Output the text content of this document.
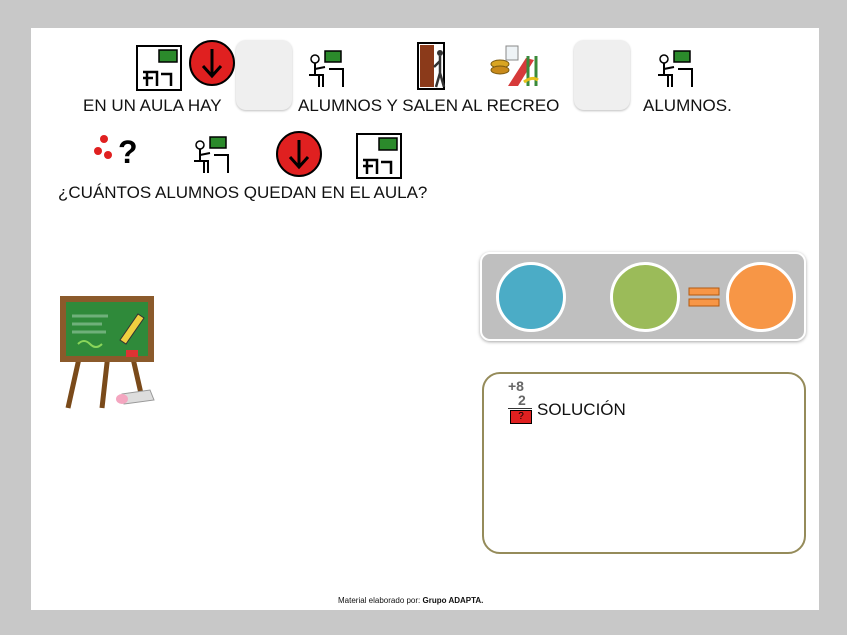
EN UN AULA HAY	ALUMNOS Y SALEN AL RECREO	ALUMNOS.
?
¿CUÁNTOS ALUMNOS QUEDAN EN EL AULA?
+8
2
? SOLUCIÓN
Material elaborado por: Grupo ADAPTA.
